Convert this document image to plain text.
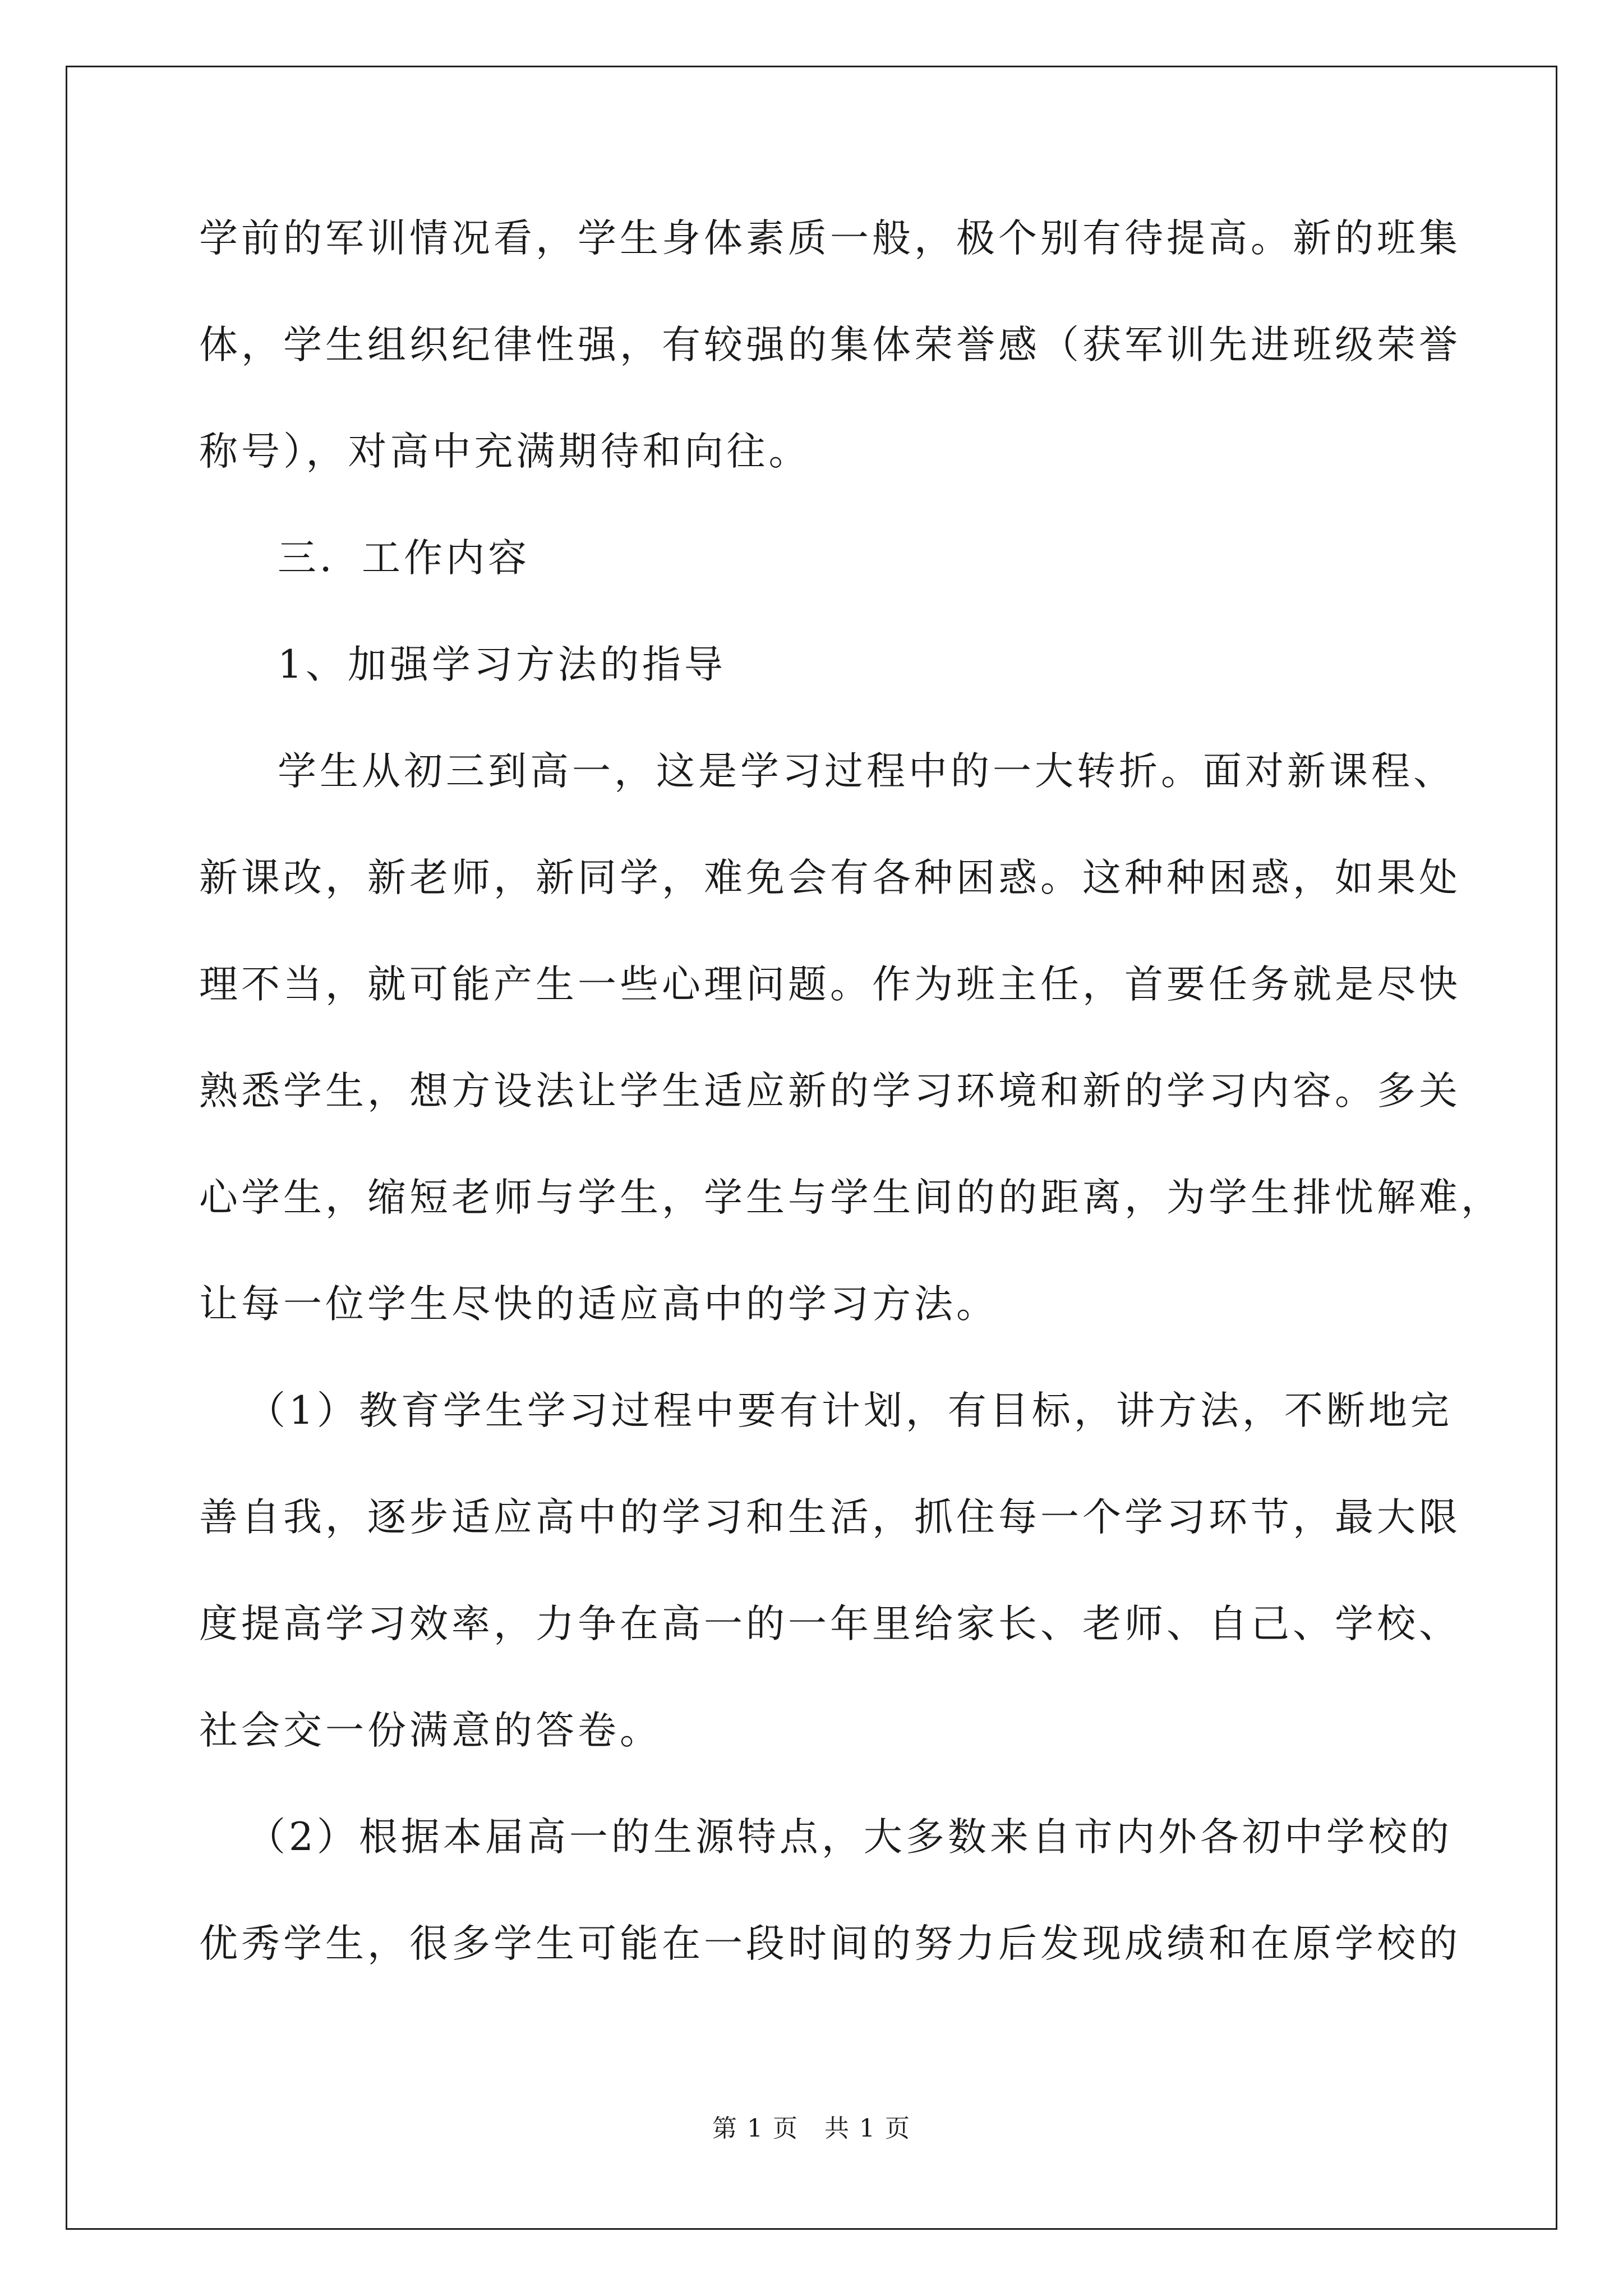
学前的军训情况看，学生身体素质一般，极个别有待提高。新的班集
体，学生组织纪律性强，有较强的集体荣誉感（获军训先进班级荣誉
称号），对高中充满期待和向往。
三．工作内容
1、加强学习方法的指导
学生从初三到高一，这是学习过程中的一大转折。面对新课程、
新课改，新老师，新同学，难免会有各种困惑。这种种困惑，如果处
理不当，就可能产生一些心理问题。作为班主任，首要任务就是尽快
熟悉学生，想方设法让学生适应新的学习环境和新的学习内容。多关
心学生，缩短老师与学生，学生与学生间的的距离，为学生排忧解难，
让每一位学生尽快的适应高中的学习方法。
（1）教育学生学习过程中要有计划，有目标，讲方法，不断地完
善自我，逐步适应高中的学习和生活，抓住每一个学习环节，最大限
度提高学习效率，力争在高一的一年里给家长、老师、自己、学校、
社会交一份满意的答卷。
（2）根据本届高一的生源特点，大多数来自市内外各初中学校的
优秀学生，很多学生可能在一段时间的努力后发现成绩和在原学校的
第 1 页　共 1 页
